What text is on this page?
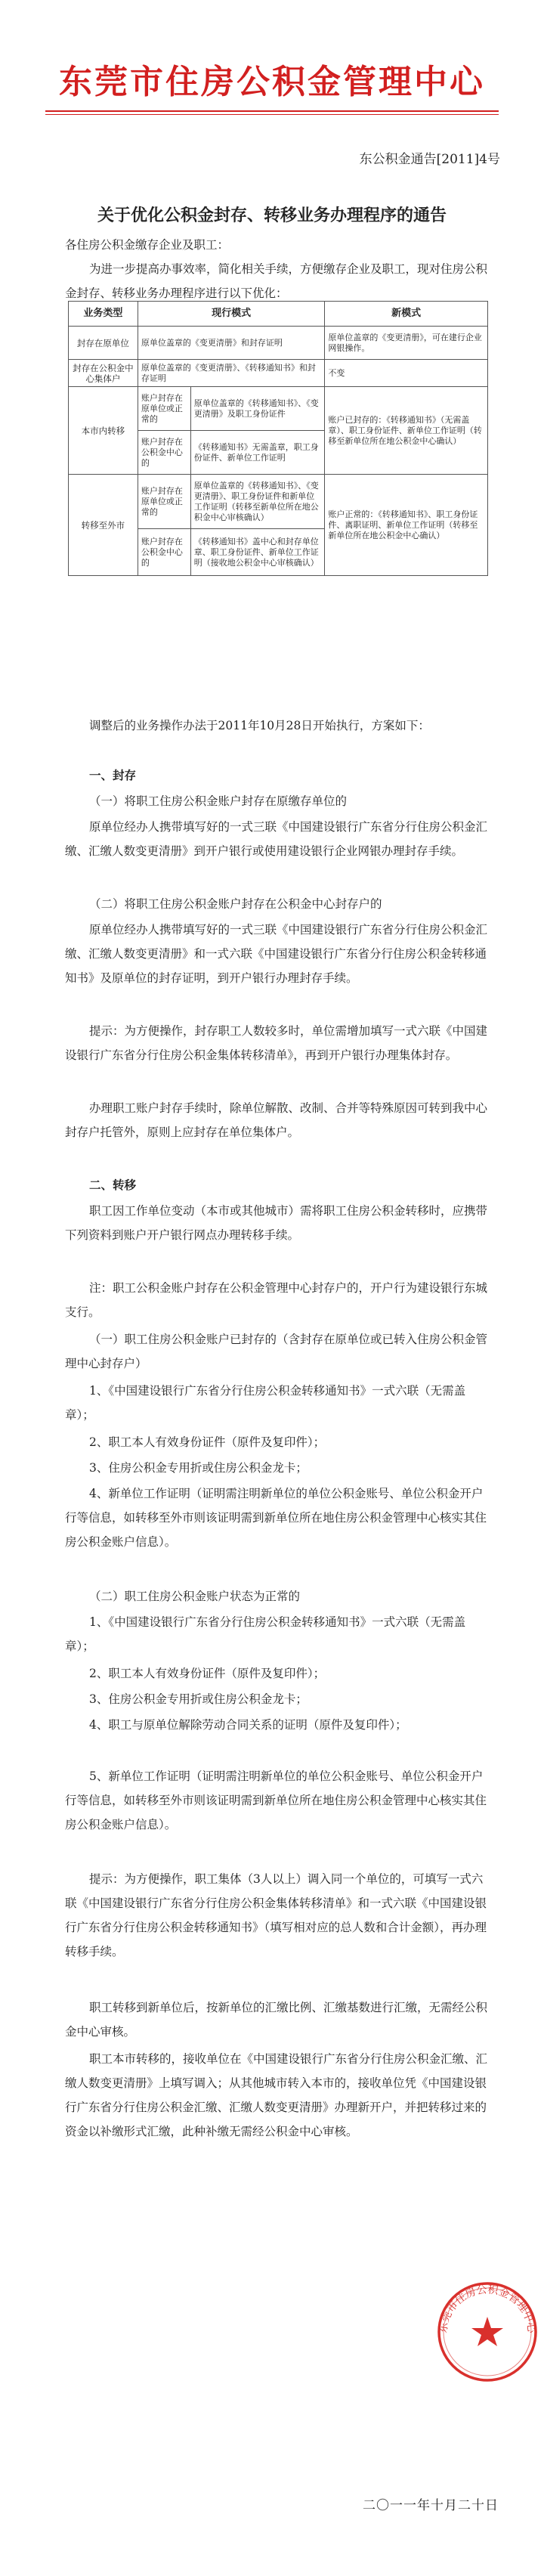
东莞市住房公积金管理中心
东公积金通告[2011]4号
关于优化公积金封存、转移业务办理程序的通告

各住房公积金缴存企业及职工：

为进一步提高办事效率，简化相关手续，方便缴存企业及职工，现对住房公积金封存、转移业务办理程序进行以下优化：

业务类型	现行模式		新模式
封存在原单位	原单位盖章的《变更清册》和封存证明		原单位盖章的《变更清册》，可在建行企业网银操作。
封存在公积金中心集体户	原单位盖章的《变更清册》、《转移通知书》和封存证明		不变
本市内转移	账户封存在原单位或正常的	原单位盖章的《转移通知书》、《变更清册》及职工身份证件	账户已封存的：《转移通知书》（无需盖章）、职工身份证件、新单位工作证明（转移至新单位所在地公积金中心确认）
	账户封存在公积金中心的	《转移通知书》无需盖章，职工身份证件、新单位工作证明	
转移至外市	账户封存在原单位或正常的	原单位盖章的《转移通知书》、《变更清册》、职工身份证件和新单位工作证明（转移至新单位所在地公积金中心审核确认）	账户正常的：《转移通知书》、职工身份证件、离职证明、新单位工作证明（转移至新单位所在地公积金中心确认）
	账户封存在公积金中心的	《转移通知书》盖中心和封存单位章、职工身份证件、新单位工作证明（接收地公积金中心审核确认）	

调整后的业务操作办法于2011年10月28日开始执行，方案如下：

一、封存

（一）将职工住房公积金账户封存在原缴存单位的

原单位经办人携带填写好的一式三联《中国建设银行广东省分行住房公积金汇缴、汇缴人数变更清册》到开户银行或使用建设银行企业网银办理封存手续。

（二）将职工住房公积金账户封存在公积金中心封存户的

原单位经办人携带填写好的一式三联《中国建设银行广东省分行住房公积金汇缴、汇缴人数变更清册》和一式六联《中国建设银行广东省分行住房公积金转移通知书》及原单位的封存证明，到开户银行办理封存手续。

提示：为方便操作，封存职工人数较多时，单位需增加填写一式六联《中国建设银行广东省分行住房公积金集体转移清单》，再到开户银行办理集体封存。

办理职工账户封存手续时，除单位解散、改制、合并等特殊原因可转到我中心封存户托管外，原则上应封存在单位集体户。

二、转移

职工因工作单位变动（本市或其他城市）需将职工住房公积金转移时，应携带下列资料到账户开户银行网点办理转移手续。

注：职工公积金账户封存在公积金管理中心封存户的，开户行为建设银行东城支行。

（一）职工住房公积金账户已封存的（含封存在原单位或已转入住房公积金管理中心封存户）

1、《中国建设银行广东省分行住房公积金转移通知书》一式六联（无需盖章）；

2、职工本人有效身份证件（原件及复印件）；

3、住房公积金专用折或住房公积金龙卡；

4、新单位工作证明（证明需注明新单位的单位公积金账号、单位公积金开户行等信息，如转移至外市则该证明需到新单位所在地住房公积金管理中心核实其住房公积金账户信息）。

（二）职工住房公积金账户状态为正常的

1、《中国建设银行广东省分行住房公积金转移通知书》一式六联（无需盖章）；

2、职工本人有效身份证件（原件及复印件）；

3、住房公积金专用折或住房公积金龙卡；

4、职工与原单位解除劳动合同关系的证明（原件及复印件）；

5、新单位工作证明（证明需注明新单位的单位公积金账号、单位公积金开户行等信息，如转移至外市则该证明需到新单位所在地住房公积金管理中心核实其住房公积金账户信息）。

提示：为方便操作，职工集体（3人以上）调入同一个单位的，可填写一式六联《中国建设银行广东省分行住房公积金集体转移清单》和一式六联《中国建设银行广东省分行住房公积金转移通知书》（填写相对应的总人数和合计金额），再办理转移手续。

职工转移到新单位后，按新单位的汇缴比例、汇缴基数进行汇缴，无需经公积金中心审核。

职工本市转移的，接收单位在《中国建设银行广东省分行住房公积金汇缴、汇缴人数变更清册》上填写调入；从其他城市转入本市的，接收单位凭《中国建设银行广东省分行住房公积金汇缴、汇缴人数变更清册》办理新开户，并把转移过来的资金以补缴形式汇缴，此种补缴无需经公积金中心审核。

东莞市住房公积金管理中心
二〇一一年十月二十日
